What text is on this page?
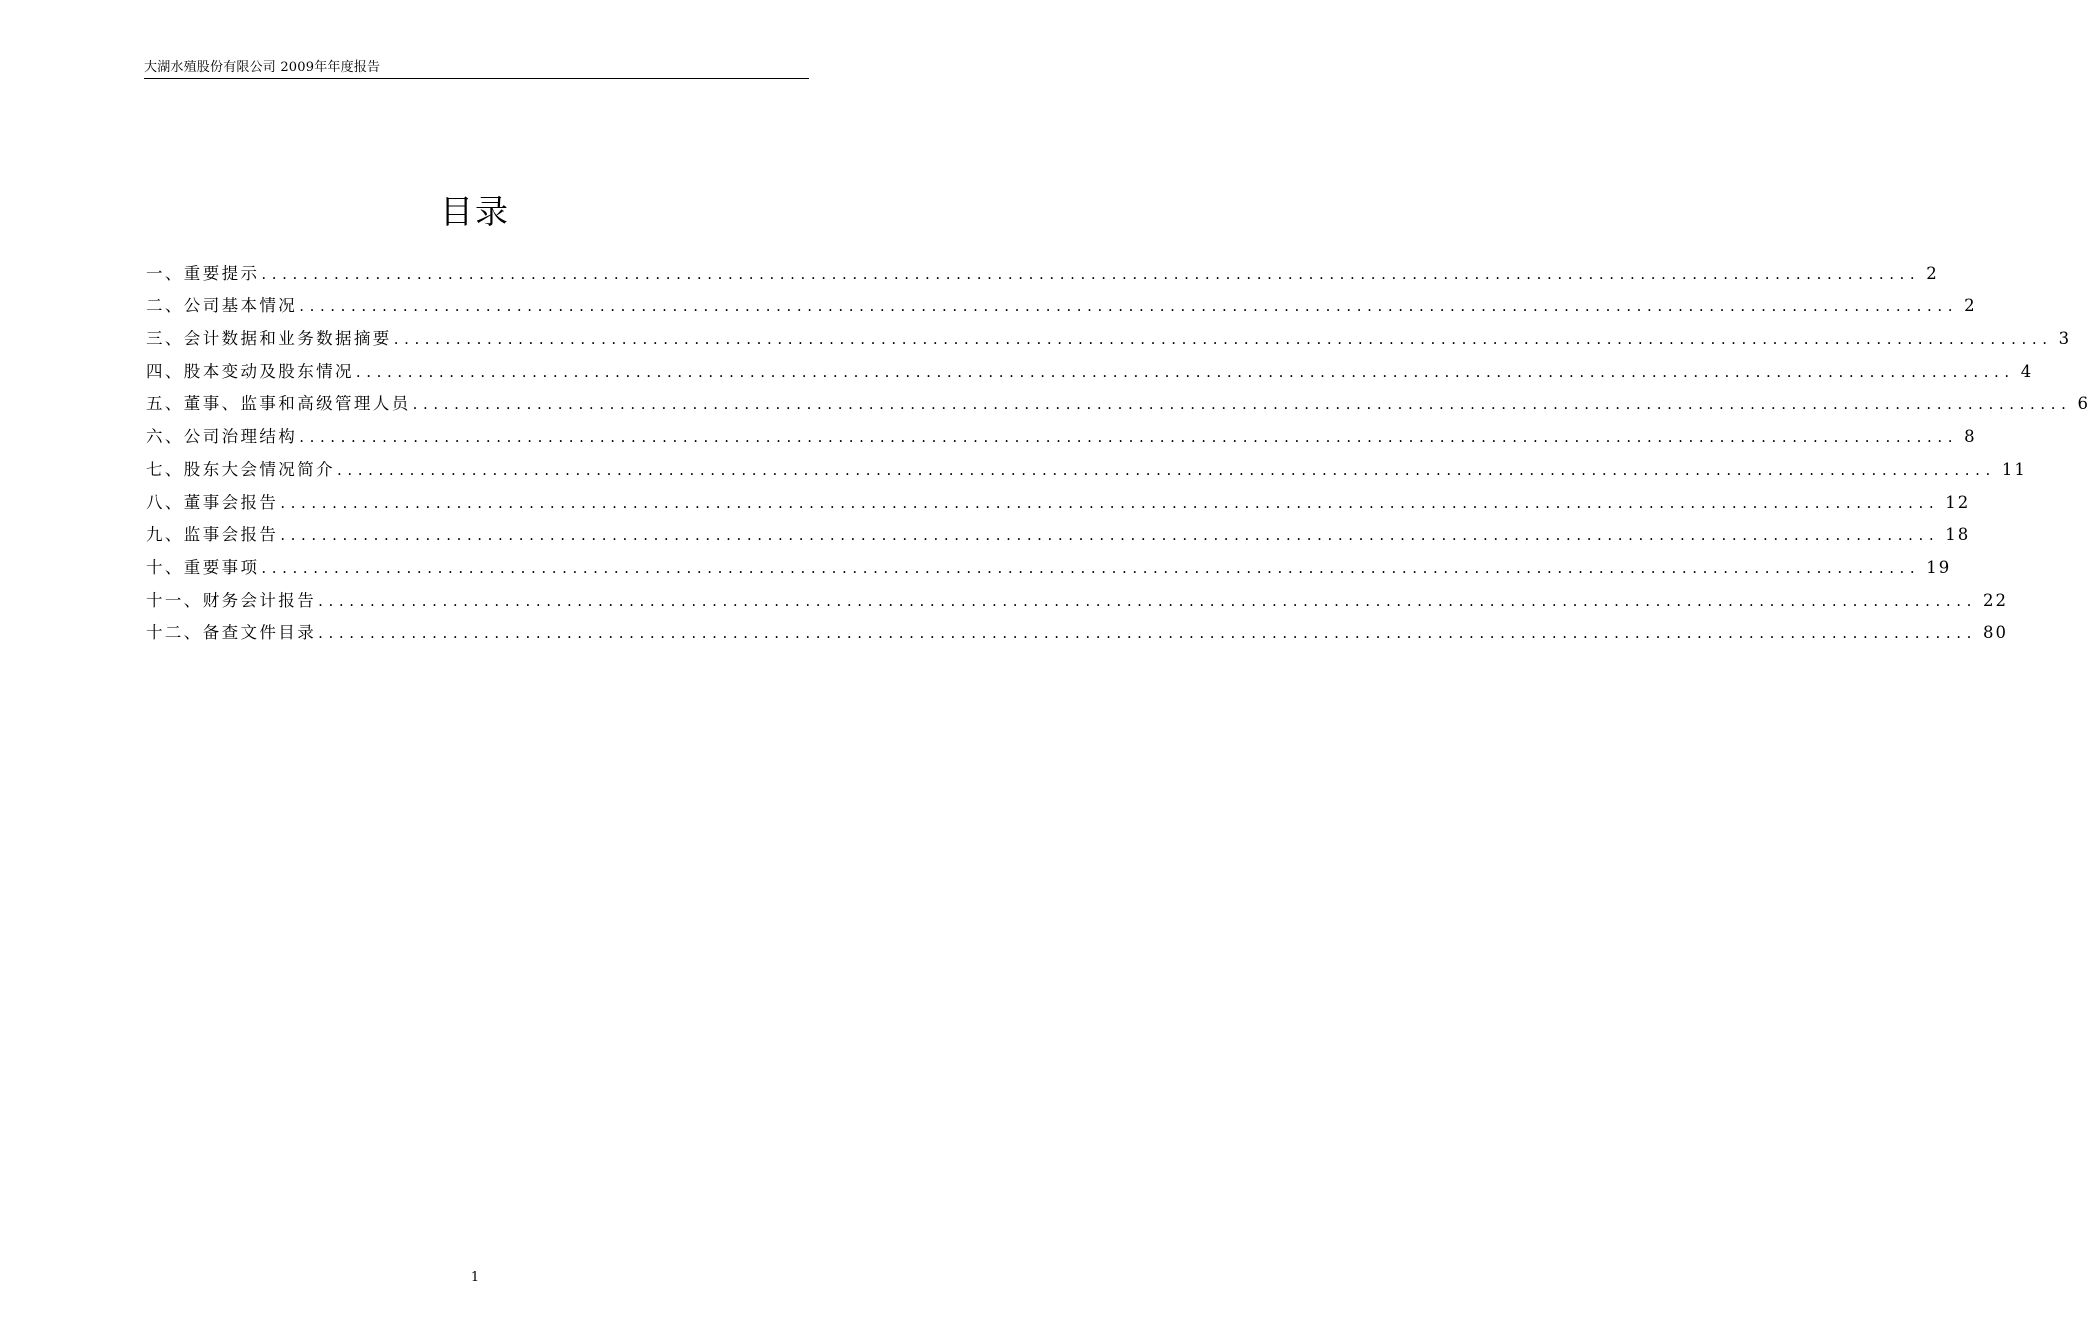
大湖水殖股份有限公司 2009年年度报告
目录
一、重要提示 ................................................................................................................................................................ 2
二、公司基本情况 ................................................................................................................................................................ 2
三、会计数据和业务数据摘要 ................................................................................................................................................................ 3
四、股本变动及股东情况 ................................................................................................................................................................ 4
五、董事、监事和高级管理人员 ................................................................................................................................................................ 6
六、公司治理结构 ................................................................................................................................................................ 8
七、股东大会情况简介 ................................................................................................................................................................ 11
八、董事会报告 ................................................................................................................................................................ 12
九、监事会报告 ................................................................................................................................................................ 18
十、重要事项 ................................................................................................................................................................ 19
十一、财务会计报告 ................................................................................................................................................................ 22
十二、备查文件目录 ................................................................................................................................................................ 80
1
